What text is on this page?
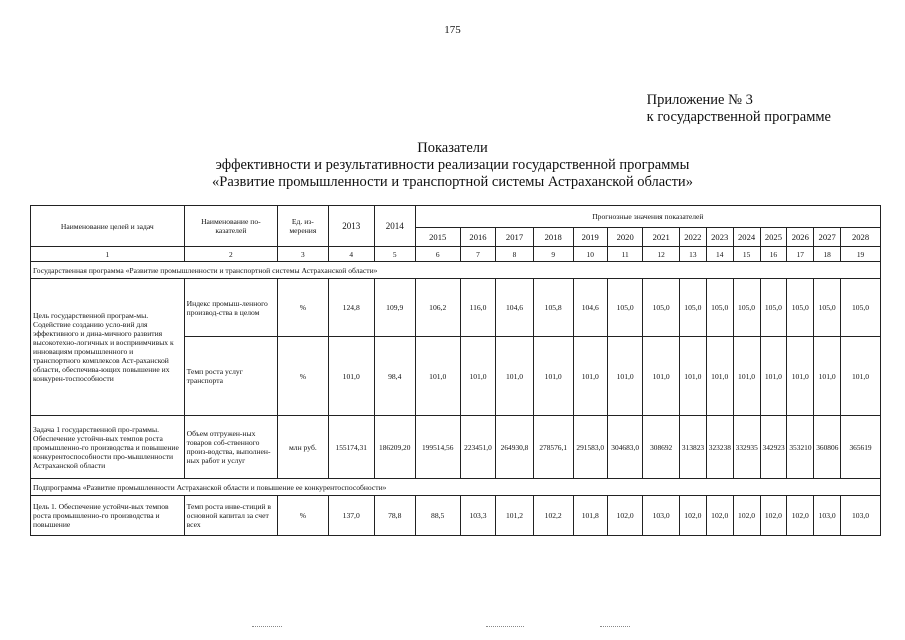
175
Приложение № 3
к государственной программе
Показатели
эффективности и результативности реализации государственной программы
«Развитие промышленности и транспортной системы Астраханской области»
Наименование целей и задач	Наименование по-казателей	Ед. из-мерения	2013	2014	Прогнозные значения показателей													
					2015	2016	2017	2018	2019	2020	2021	2022	2023	2024	2025	2026	2027	2028
1	2	3	4	5	6	7	8	9	10	11	12	13	14	15	16	17	18	19
Государственная программа «Развитие промышленности и транспортной системы Астраханской области»																		
Цель государственной програм-мы. Содействие созданию усло-вий для эффективного и дина-мичного развития высокотехно-логичных и восприимчивых к инновациям промышленного и транспортного комплексов Аст-раханской области, обеспечива-ющих повышение их конкурен-тоспособности	Индекс промыш-ленного производ-ства в целом	%	124,8	109,9	106,2	116,0	104,6	105,8	104,6	105,0	105,0	105,0	105,0	105,0	105,0	105,0	105,0	105,0
	Темп роста услуг транспорта	%	101,0	98,4	101,0	101,0	101,0	101,0	101,0	101,0	101,0	101,0	101,0	101,0	101,0	101,0	101,0	101,0
Задача 1 государственной про-граммы. Обеспечение устойчи-вых темпов роста промышленно-го производства и повышение конкурентоспособности про-мышленности Астраханской области	Объем отгружен-ных товаров соб-ственного произ-водства, выполнен-ных работ и услуг	млн руб.	155174,31	186209,20	199514,56	223451,0	264930,8	278576,1	291583,0	304683,0	308692	313823	323238	332935	342923	353210	360806	365619
Подпрограмма «Развитие промышленности Астраханской области и повышение ее конкурентоспособности»																		
Цель 1. Обеспечение устойчи-вых темпов роста промышленно-го производства и повышение	Темп роста инве-стиций в основной капитал за счет всех	%	137,0	78,8	88,5	103,3	101,2	102,2	101,8	102,0	103,0	102,0	102,0	102,0	102,0	102,0	103,0	103,0
